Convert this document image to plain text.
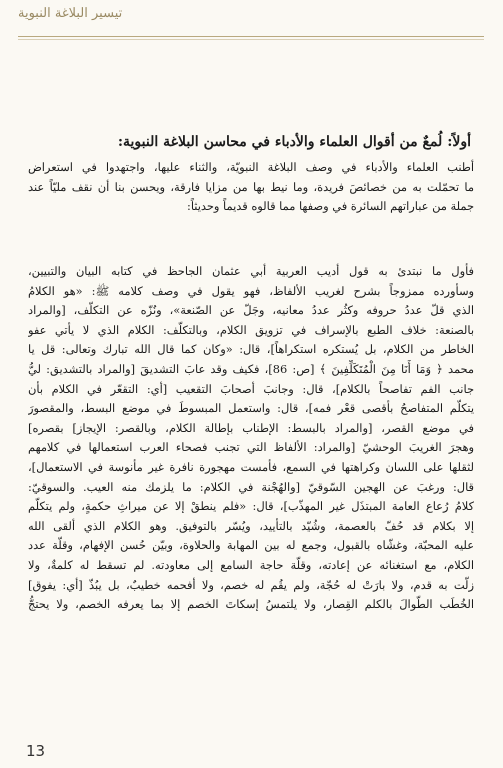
تيسير البلاغة النبوية
أولاً: لُمعٌ من أقوال العلماء والأدباء في محاسن البلاغة النبوية:
أطنب العلماء والأدباء في وصف البلاغة النبويّة، والثناء عليها، واجتهدوا في استعراض
ما تحمّلت به من خصائصَ فريدة، وما نيط بها من مزايا فارقة، ويحسن بنا أن نقف مليّاً عند
جملة من عباراتهم السائرة في وصفها مما قالوه قديماً وحديثاً:
فأول ما نبتدئ به قول أديب العربية أبي عثمان الجاحظ في كتابه البيان والتبيين،
وسأورده ممزوجاً بشرح لغريب الألفاظ، فهو يقول في وصف كلامه ﷺ: «هو الكلامُ
الذي قلّ عددُ حروفه وكثُر عددُ معانيه، وجَلّ عن الصّنعة»، ونُزّه عن التكلّف، [والمراد
بالصنعة: خلاف الطبع بالإسراف في تزويق الكلام، وبالتكلّف: الكلام الذي لا يأتي عفو
الخاطر من الكلام، بل يُستكره استكراهاً]، قال: «وكان كما قال الله تبارك وتعالى: قل يا
محمد ﴿ وَمَا أَنَا مِنَ الْمُتَكَلِّفِينَ ﴾ [ص: 86]، فكيف وقد عابَ التشديقَ [والمراد بالتشديق: ليُّ
جانب الفم تفاصحاً بالكلام]، قال: وجانبَ أصحابَ التقعيب [أي: التقعّر في الكلام بأن
يتكلّم المتفاصحُ بأقصى قعْر فمه]، قال: واستعمل المبسوطَ في موضع البسط، والمقصورَ
في موضع القصر، [والمراد بالبسط: الإطناب بإطالة الكلام، وبالقصر: الإيجاز] بقصره]
وهجرَ الغريبَ الوحشيّ [والمراد: الألفاظ التي تجنب فصحاء العرب استعمالها في كلامهم
لثقلها على اللسان وكراهتها في السمع، فأمست مهجورة نافرة غير مأنوسة في الاستعمال]،
قال: ورغبَ عن الهجين السّوقيّ [والهُجْنة في الكلام: ما يلزمك منه العيب. والسوقيّ:
كلامُ رُعاع العامة المبتذَل غير المهذّب]، قال: «فلم ينطقْ إلا عن ميراثِ حكمةٍ، ولم يتكلّم
إلا بكلام قد حُفّ بالعصمة، وشُيّد بالتأييد، ويُسّر بالتوفيق. وهو الكلام الذي ألقى الله
عليه المحبّة، وغشّاه بالقبول، وجمع له بين المهابة والحلاوة، وبيّن حُسن الإفهام، وقلّة عدد
الكلام، مع استغنائه عن إعادته، وقلّة حاجة السامع إلى معاودته. لم تسقط له كلمةٌ، ولا
زلّت به قدم، ولا بارَتْ له حُجّة، ولم يقُم له خصم، ولا أفحمه خطيبٌ، بل يبُذّ [أي: يفوق]
الخُطَب الطّوالَ بالكلم القِصار، ولا يلتمسُ إسكاتَ الخصم إلا بما يعرفه الخصم، ولا يحتجُّ
13
